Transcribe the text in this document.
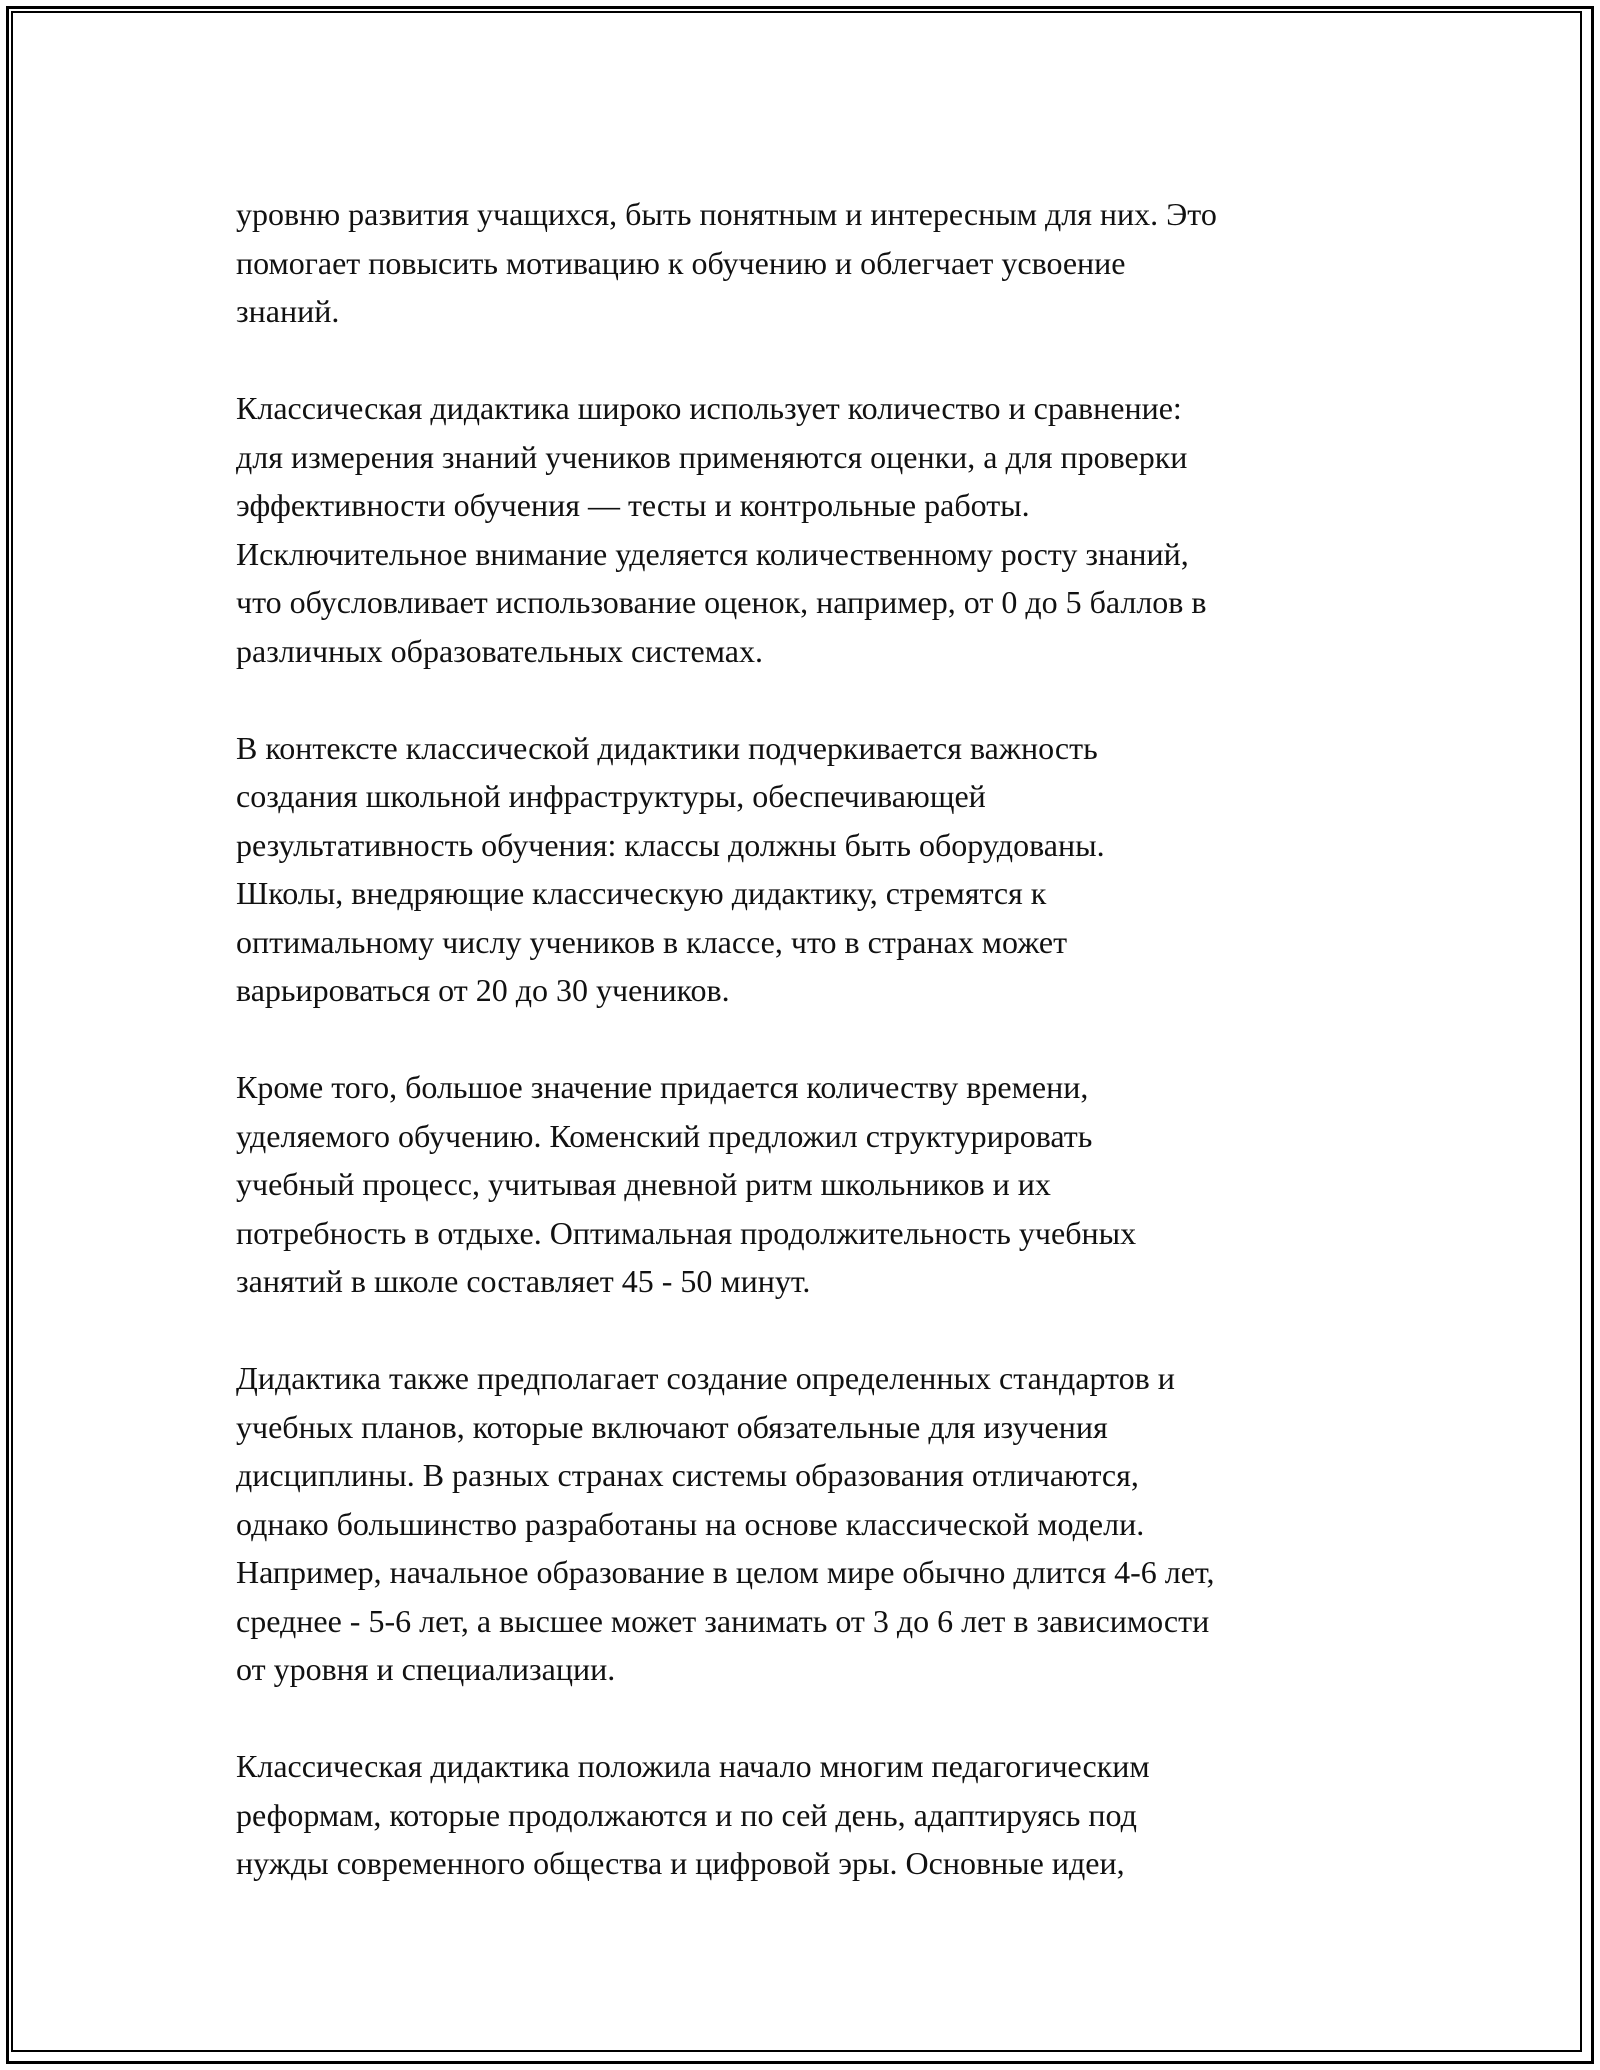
уровню развития учащихся, быть понятным и интересным для них. Это
помогает повысить мотивацию к обучению и облегчает усвоение
знаний.

Классическая дидактика широко использует количество и сравнение:
для измерения знаний учеников применяются оценки, а для проверки
эффективности обучения — тесты и контрольные работы.
Исключительное внимание уделяется количественному росту знаний,
что обусловливает использование оценок, например, от 0 до 5 баллов в
различных образовательных системах.

В контексте классической дидактики подчеркивается важность
создания школьной инфраструктуры, обеспечивающей
результативность обучения: классы должны быть оборудованы.
Школы, внедряющие классическую дидактику, стремятся к
оптимальному числу учеников в классе, что в странах может
варьироваться от 20 до 30 учеников.

Кроме того, большое значение придается количеству времени,
уделяемого обучению. Коменский предложил структурировать
учебный процесс, учитывая дневной ритм школьников и их
потребность в отдыхе. Оптимальная продолжительность учебных
занятий в школе составляет 45 - 50 минут.

Дидактика также предполагает создание определенных стандартов и
учебных планов, которые включают обязательные для изучения
дисциплины. В разных странах системы образования отличаются,
однако большинство разработаны на основе классической модели.
Например, начальное образование в целом мире обычно длится 4-6 лет,
среднее - 5-6 лет, а высшее может занимать от 3 до 6 лет в зависимости
от уровня и специализации.

Классическая дидактика положила начало многим педагогическим
реформам, которые продолжаются и по сей день, адаптируясь под
нужды современного общества и цифровой эры. Основные идеи,
